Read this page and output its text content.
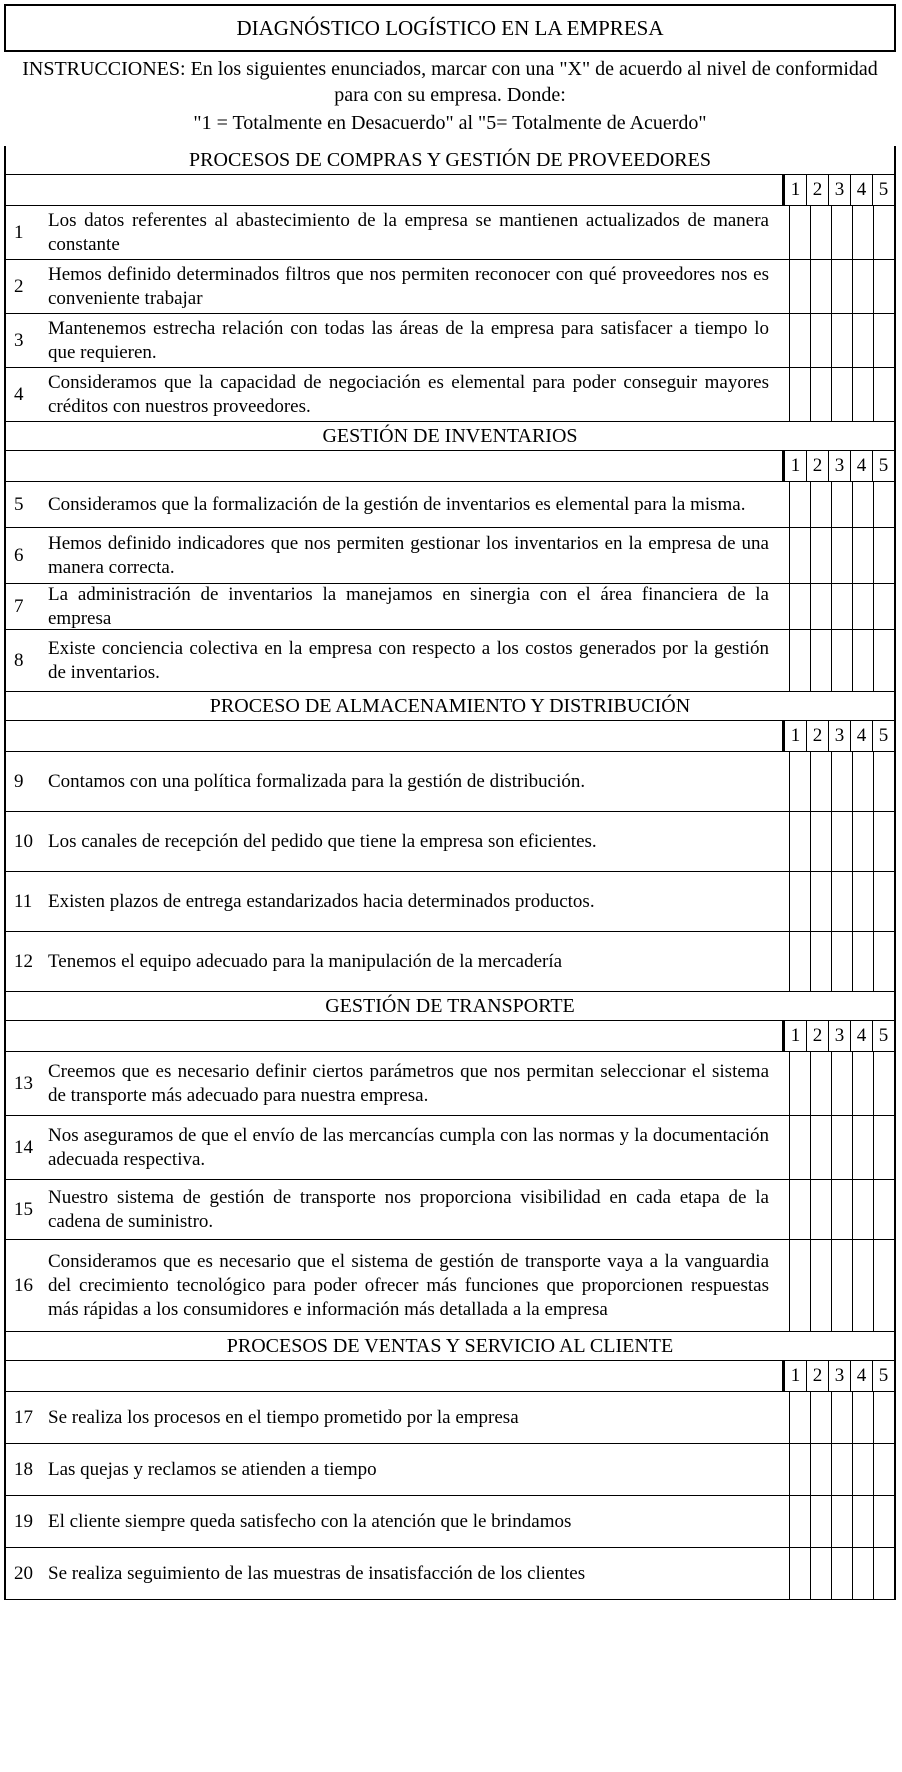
DIAGNÓSTICO LOGÍSTICO EN LA EMPRESA
INSTRUCCIONES: En los siguientes enunciados, marcar con una "X" de acuerdo al nivel de conformidad para con su empresa. Donde:
"1 = Totalmente en Desacuerdo" al "5= Totalmente de Acuerdo"
PROCESOS DE COMPRAS Y GESTIÓN DE PROVEEDORES
1 2 3 4 5
1
Los datos referentes al abastecimiento de la empresa se mantienen actualizados de manera constante
2
Hemos definido determinados filtros que nos permiten reconocer con qué proveedores nos es conveniente trabajar
3
Mantenemos estrecha relación con todas las áreas de la empresa para satisfacer a tiempo lo que requieren.
4
Consideramos que la capacidad de negociación es elemental para poder conseguir mayores créditos con nuestros proveedores.
GESTIÓN DE INVENTARIOS
1 2 3 4 5
5	Consideramos que la formalización de la gestión de inventarios es elemental para la misma.
6
Hemos definido indicadores que nos permiten gestionar los inventarios en la empresa de una manera correcta.
7
La administración de inventarios la manejamos en sinergia con el área financiera de la empresa
8
Existe conciencia colectiva en la empresa con respecto a los costos generados por la gestión de inventarios.
PROCESO DE ALMACENAMIENTO Y DISTRIBUCIÓN
1 2 3 4 5
9	Contamos con una política formalizada para la gestión de distribución.
10 Los canales de recepción del pedido que tiene la empresa son eficientes.
11 Existen plazos de entrega estandarizados hacia determinados productos.
12 Tenemos el equipo adecuado para la manipulación de la mercadería
GESTIÓN DE TRANSPORTE
1 2 3 4 5
13
Creemos que es necesario definir ciertos parámetros que nos permitan seleccionar el sistema de transporte más adecuado para nuestra empresa.
14
Nos aseguramos de que el envío de las mercancías cumpla con las normas y la documentación adecuada respectiva.
15
Nuestro sistema de gestión de transporte nos proporciona visibilidad en cada etapa de la cadena de suministro.
16
Consideramos que es necesario que el sistema de gestión de transporte vaya a la vanguardia del crecimiento tecnológico para poder ofrecer más funciones que proporcionen respuestas más rápidas a los consumidores e información más detallada a la empresa
PROCESOS DE VENTAS Y SERVICIO AL CLIENTE
1 2 3 4 5
17 Se realiza los procesos en el tiempo prometido por la empresa
18 Las quejas y reclamos se atienden a tiempo
19 El cliente siempre queda satisfecho con la atención que le brindamos
20 Se realiza seguimiento de las muestras de insatisfacción de los clientes
